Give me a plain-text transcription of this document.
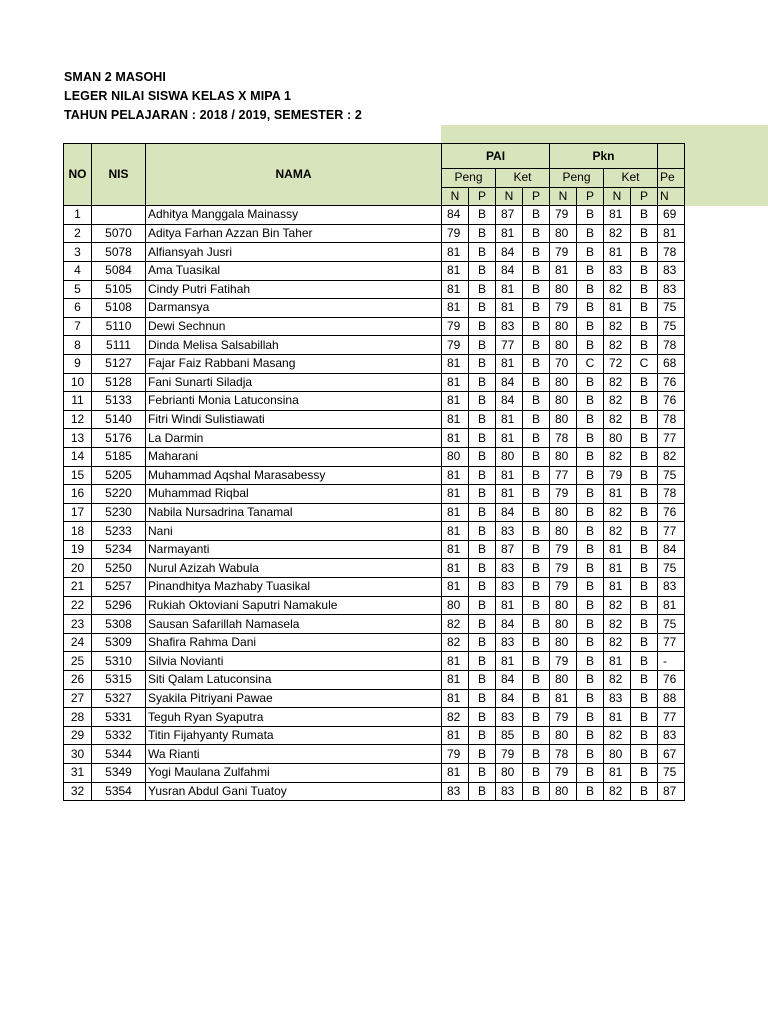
SMAN 2 MASOHI
LEGER NILAI SISWA KELAS X MIPA 1
TAHUN PELAJARAN : 2018 / 2019, SEMESTER : 2
NO	NIS	NAMA	PAI				Pkn				
			Peng		Ket		Peng		Ket		Pe
			N	P	N	P	N	P	N	P	N
1		Adhitya Manggala Mainassy	84	B	87	B	79	B	81	B	69
2	5070	Aditya Farhan Azzan Bin Taher	79	B	81	B	80	B	82	B	81
3	5078	Alfiansyah Jusri	81	B	84	B	79	B	81	B	78
4	5084	Ama Tuasikal	81	B	84	B	81	B	83	B	83
5	5105	Cindy Putri Fatihah	81	B	81	B	80	B	82	B	83
6	5108	Darmansya	81	B	81	B	79	B	81	B	75
7	5110	Dewi Sechnun	79	B	83	B	80	B	82	B	75
8	5111	Dinda Melisa Salsabillah	79	B	77	B	80	B	82	B	78
9	5127	Fajar Faiz Rabbani Masang	81	B	81	B	70	C	72	C	68
10	5128	Fani Sunarti Siladja	81	B	84	B	80	B	82	B	76
11	5133	Febrianti Monia Latuconsina	81	B	84	B	80	B	82	B	76
12	5140	Fitri Windi Sulistiawati	81	B	81	B	80	B	82	B	78
13	5176	La Darmin	81	B	81	B	78	B	80	B	77
14	5185	Maharani	80	B	80	B	80	B	82	B	82
15	5205	Muhammad Aqshal Marasabessy	81	B	81	B	77	B	79	B	75
16	5220	Muhammad Riqbal	81	B	81	B	79	B	81	B	78
17	5230	Nabila Nursadrina Tanamal	81	B	84	B	80	B	82	B	76
18	5233	Nani	81	B	83	B	80	B	82	B	77
19	5234	Narmayanti	81	B	87	B	79	B	81	B	84
20	5250	Nurul Azizah Wabula	81	B	83	B	79	B	81	B	75
21	5257	Pinandhitya Mazhaby Tuasikal	81	B	83	B	79	B	81	B	83
22	5296	Rukiah Oktoviani Saputri Namakule	80	B	81	B	80	B	82	B	81
23	5308	Sausan Safarillah Namasela	82	B	84	B	80	B	82	B	75
24	5309	Shafira Rahma Dani	82	B	83	B	80	B	82	B	77
25	5310	Silvia Novianti	81	B	81	B	79	B	81	B	-
26	5315	Siti Qalam Latuconsina	81	B	84	B	80	B	82	B	76
27	5327	Syakila Pitriyani Pawae	81	B	84	B	81	B	83	B	88
28	5331	Teguh Ryan Syaputra	82	B	83	B	79	B	81	B	77
29	5332	Titin Fijahyanty Rumata	81	B	85	B	80	B	82	B	83
30	5344	Wa Rianti	79	B	79	B	78	B	80	B	67
31	5349	Yogi Maulana Zulfahmi	81	B	80	B	79	B	81	B	75
32	5354	Yusran Abdul Gani Tuatoy	83	B	83	B	80	B	82	B	87
